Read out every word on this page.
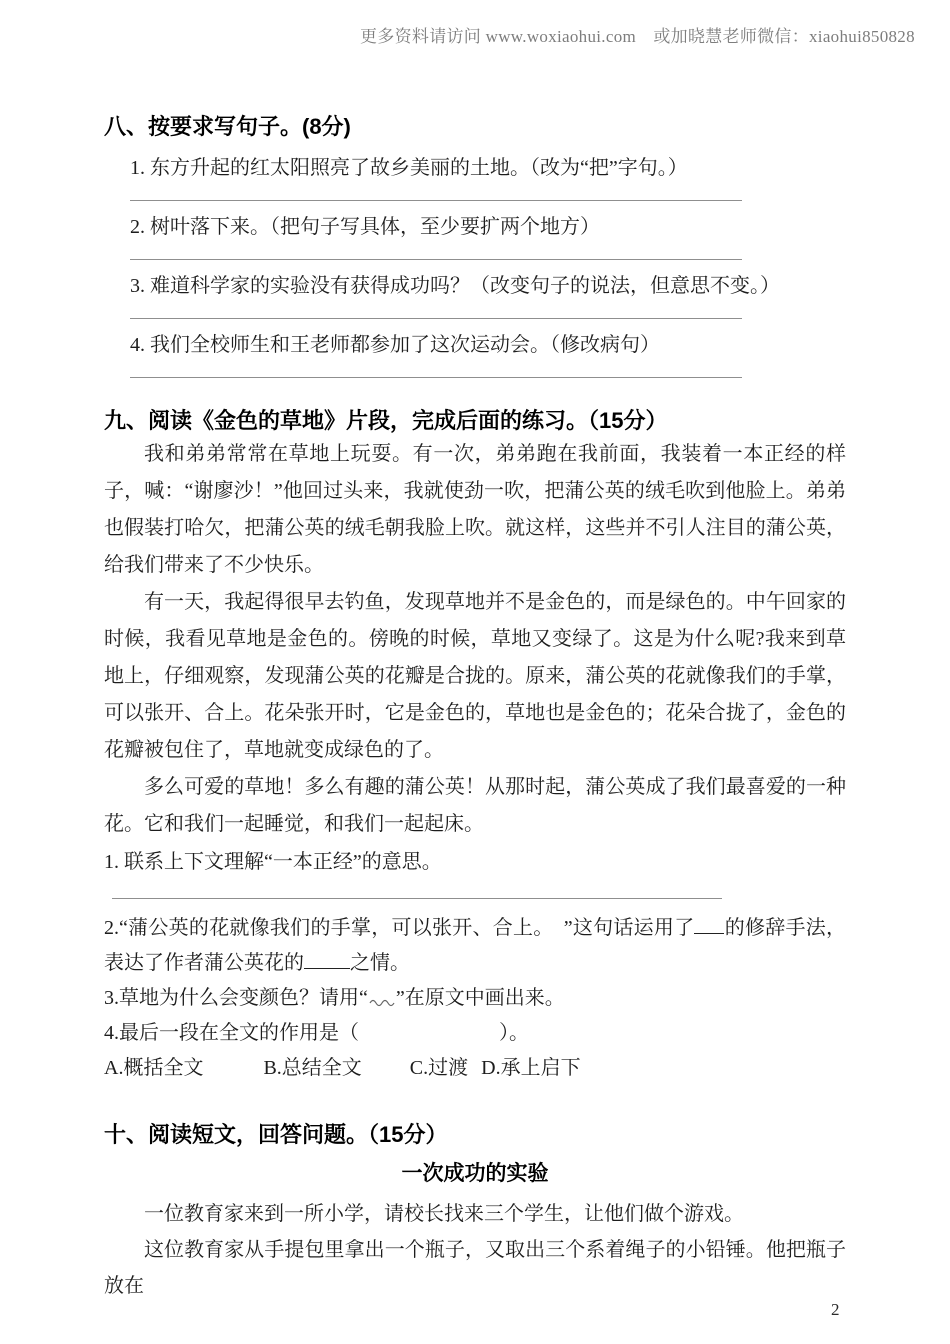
更多资料请访问 www.woxiaohui.com　或加晓慧老师微信：xiaohui850828
八、按要求写句子。(8分)
1. 东方升起的红太阳照亮了故乡美丽的土地。（改为“把”字句。）
2. 树叶落下来。（把句子写具体，至少要扩两个地方）
3. 难道科学家的实验没有获得成功吗？（改变句子的说法，但意思不变。）
4. 我们全校师生和王老师都参加了这次运动会。（修改病句）
九、阅读《金色的草地》片段，完成后面的练习。（15分）

我和弟弟常常在草地上玩耍。有一次，弟弟跑在我前面，我装着一本正经的样子，喊：“谢廖沙！”他回过头来，我就使劲一吹，把蒲公英的绒毛吹到他脸上。弟弟也假装打哈欠，把蒲公英的绒毛朝我脸上吹。就这样，这些并不引人注目的蒲公英，给我们带来了不少快乐。

有一天，我起得很早去钓鱼，发现草地并不是金色的，而是绿色的。中午回家的时候，我看见草地是金色的。傍晚的时候，草地又变绿了。这是为什么呢?我来到草地上，仔细观察，发现蒲公英的花瓣是合拢的。原来，蒲公英的花就像我们的手掌，可以张开、合上。花朵张开时，它是金色的，草地也是金色的；花朵合拢了，金色的花瓣被包住了，草地就变成绿色的了。

多么可爱的草地！多么有趣的蒲公英！从那时起，蒲公英成了我们最喜爱的一种花。它和我们一起睡觉，和我们一起起床。

1. 联系上下文理解“一本正经”的意思。
2.“蒲公英的花就像我们的手掌，可以张开、合上。　”这句话运用了 的修辞手法，表达了作者蒲公英花的 之情。
3.草地为什么会变颜色？请用“ ”在原文中画出来。
4.最后一段在全文的作用是（　　　　　　　）。
A.概括全文	B.总结全文 C.过渡 D.承上启下
十、阅读短文，回答问题。（15分）
一次成功的实验

一位教育家来到一所小学，请校长找来三个学生，让他们做个游戏。

这位教育家从手提包里拿出一个瓶子，又取出三个系着绳子的小铅锤。他把瓶子放在

2
